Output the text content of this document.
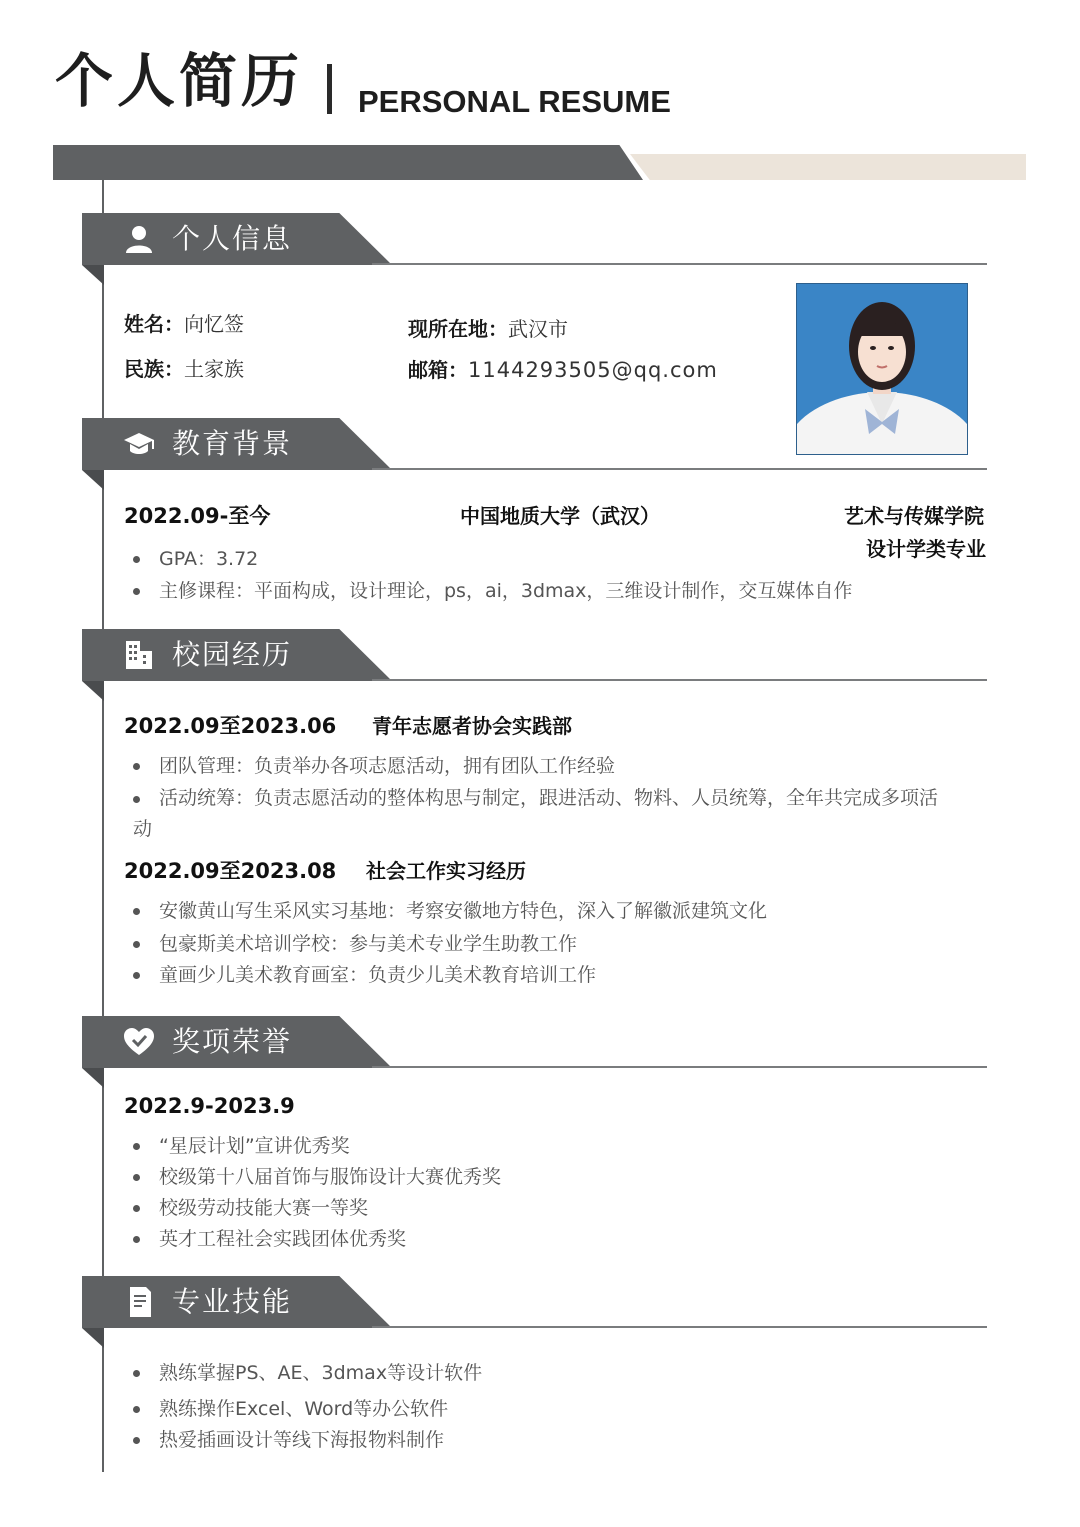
个人简历 PERSONAL RESUME
个人信息
姓名：向忆签
民族：土家族
现所在地：武汉市
邮箱：1144293505@qq.com
教育背景
2022.09-至今	中国地质大学（武汉）	艺术与传媒学院
设计学类专业
GPA：3.72
主修课程：平面构成，设计理论，ps，ai，3dmax，三维设计制作，交互媒体自作
校园经历
2022.09至2023.06 青年志愿者协会实践部
团队管理：负责举办各项志愿活动，拥有团队工作经验
活动统筹：负责志愿活动的整体构思与制定，跟进活动、物料、人员统筹，全年共完成多项活动
2022.09至2023.08 社会工作实习经历
安徽黄山写生采风实习基地：考察安徽地方特色，深入了解徽派建筑文化
包豪斯美术培训学校：参与美术专业学生助教工作
童画少儿美术教育画室：负责少儿美术教育培训工作
奖项荣誉
2022.9-2023.9
“星辰计划”宣讲优秀奖
校级第十八届首饰与服饰设计大赛优秀奖
校级劳动技能大赛一等奖
英才工程社会实践团体优秀奖
专业技能
熟练掌握PS、AE、3dmax等设计软件
熟练操作Excel、Word等办公软件
热爱插画设计等线下海报物料制作
